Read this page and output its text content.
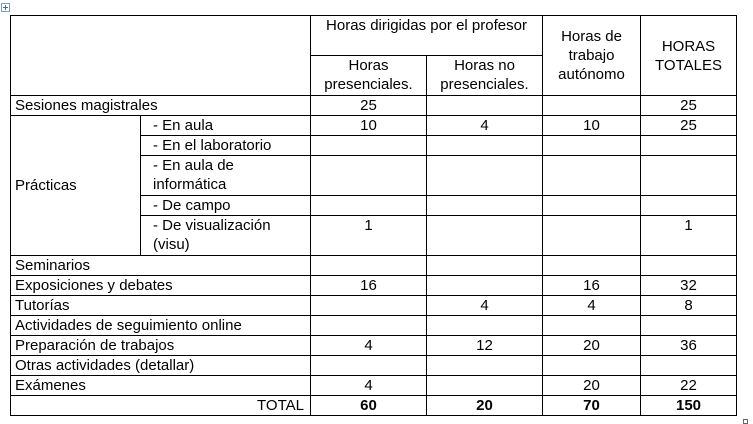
		Horas dirigidas por el profesor		Horas de trabajo autónomo	HORAS TOTALES
		Horas presenciales.	Horas no presenciales.		
Sesiones magistrales		25			25
Prácticas	- En aula	10	4	10	25
	- En el laboratorio				
	- En aula de informática				
	- De campo				
	- De visualización (visu)	1			1
Seminarios					
Exposiciones y debates		16		16	32
Tutorías			4	4	8
Actividades de seguimiento online					
Preparación de trabajos		4	12	20	36
Otras actividades (detallar)					
Exámenes		4		20	22
TOTAL		60	20	70	150
